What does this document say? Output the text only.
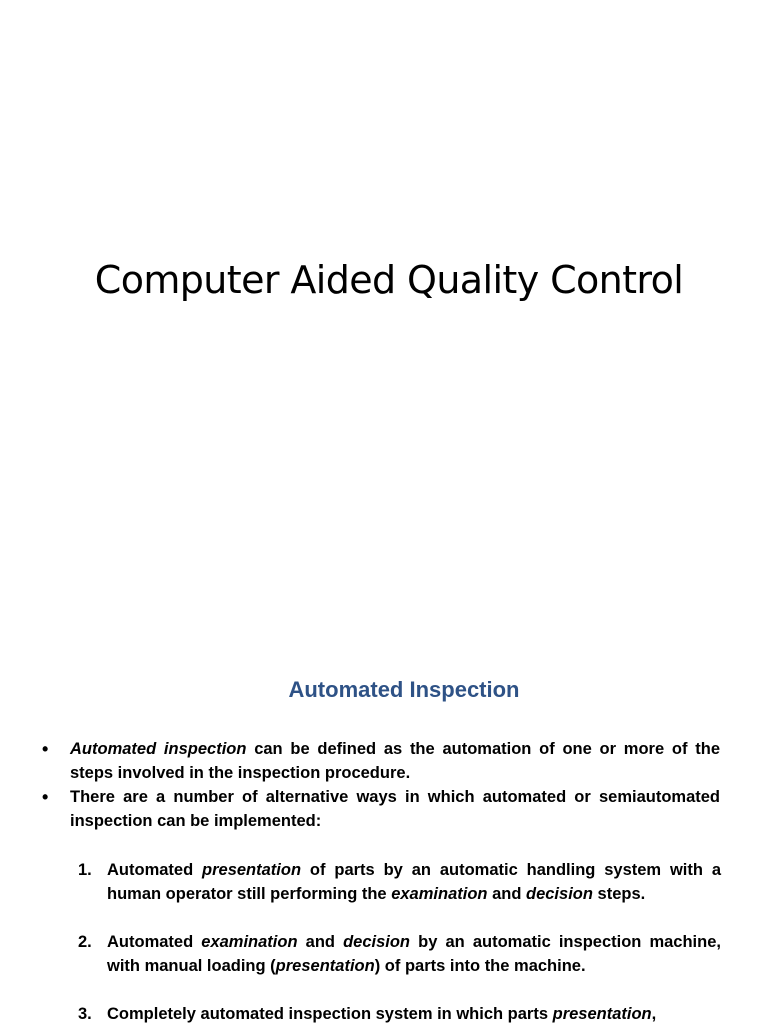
Computer Aided Quality Control
Automated Inspection
• Automated inspection can be defined as the automation of one or more of the steps involved in the inspection procedure.
• There are a number of alternative ways in which automated or semiautomated inspection can be implemented:
1. Automated presentation of parts by an automatic handling system with a human operator still performing the examination and decision steps.
2. Automated examination and decision by an automatic inspection machine, with manual loading (presentation) of parts into the machine.
3. Completely automated inspection system in which parts presentation,
